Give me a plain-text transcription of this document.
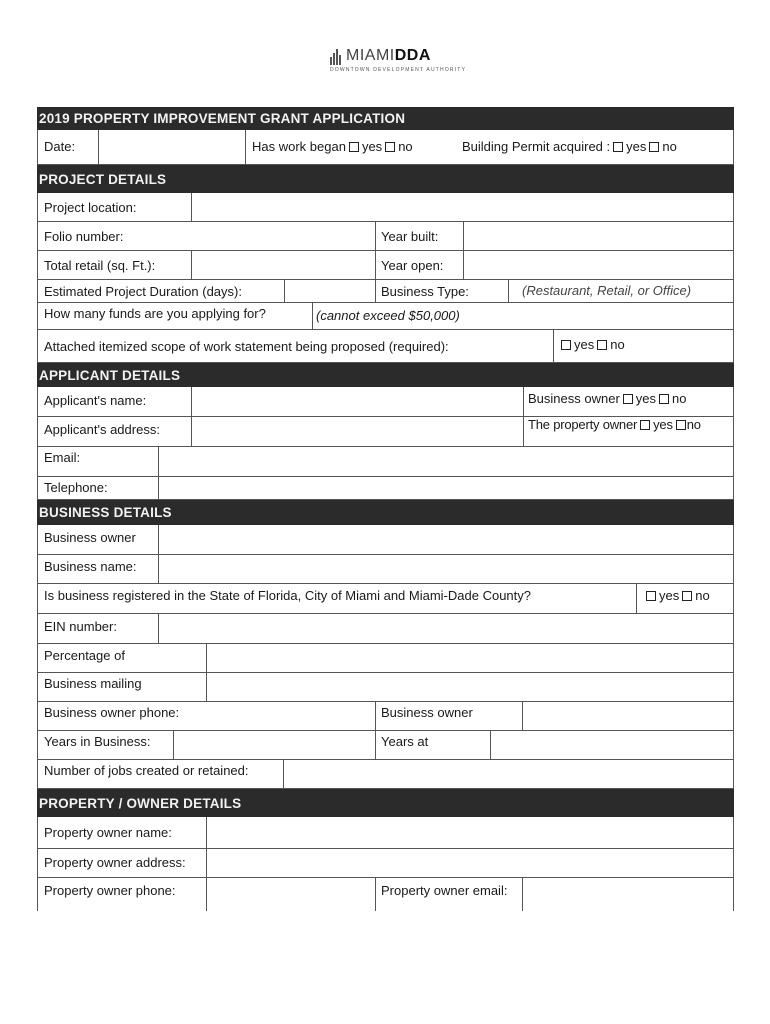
MIAMIDDA
DOWNTOWN DEVELOPMENT AUTHORITY
2019 PROPERTY IMPROVEMENT GRANT APPLICATION
Date:	Has work began yes no	Building Permit acquired : yes no
PROJECT DETAILS
Project location:
Folio number:	Year built:
Total retail (sq. Ft.):	Year open:
Estimated Project Duration (days):	Business Type:	(Restaurant, Retail, or Office)
How many funds are you applying for?	(cannot exceed $50,000)
Attached itemized scope of work statement being proposed (required):	yes no
APPLICANT DETAILS
Applicant's name:	Business owner yes no
Applicant's address:	The property owner yes no
Email:
Telephone:
BUSINESS DETAILS
Business owner
Business name:
Is business registered in the State of Florida, City of Miami and Miami-Dade County?	yes no
EIN number:
Percentage of
Business mailing
Business owner phone:	Business owner
Years in Business:	Years at
Number of jobs created or retained:
PROPERTY / OWNER DETAILS
Property owner name:
Property owner address:
Property owner phone:	Property owner email:
